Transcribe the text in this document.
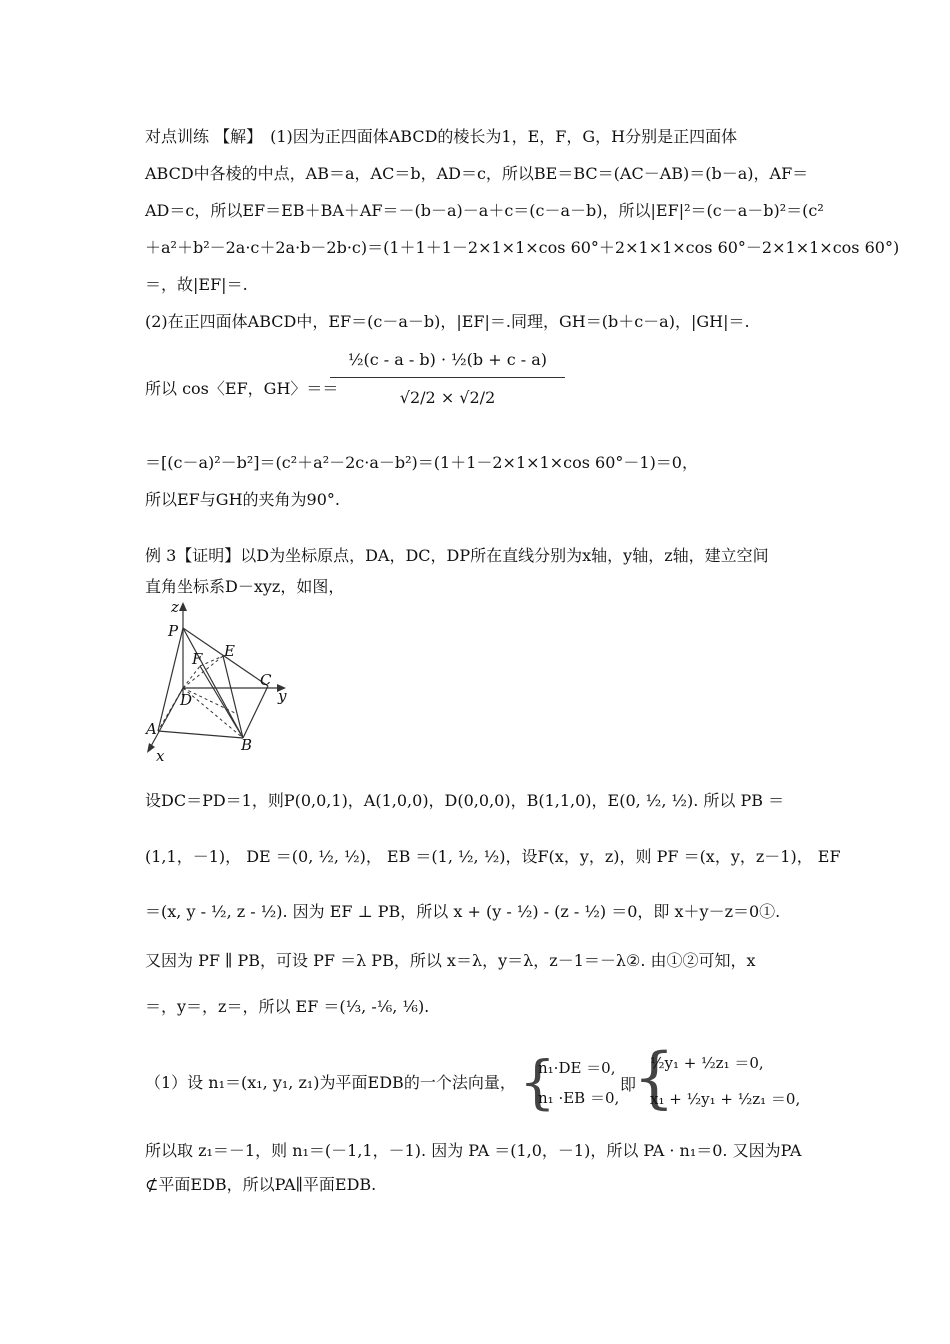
对点训练 【解】　(1)因为正四面体ABCD的棱长为1，E，F，G，H分别是正四面体
ABCD中各棱的中点，AB＝a，AC＝b，AD＝c，所以BE＝BC＝(AC－AB)＝(b－a)，AF＝
AD＝c，所以EF＝EB＋BA＋AF＝－(b－a)－a＋c＝(c－a－b)，所以|EF|²＝(c－a－b)²＝(c²
＋a²＋b²－2a·c＋2a·b－2b·c)＝(1＋1＋1－2×1×1×cos 60°＋2×1×1×cos 60°－2×1×1×cos 60°)
＝，故|EF|＝.
(2)在正四面体ABCD中，EF＝(c－a－b)，|EF|＝.同理，GH＝(b＋c－a)，|GH|＝.
所以 cos〈EF，GH〉＝＝
$\frac{\text{½(c - a - b) · ½(b + c - a)}}{√2/2 \times √2/2}$
＝[(c－a)²－b²]＝(c²＋a²－2c·a－b²)＝(1＋1－2×1×1×cos 60°－1)＝0，
所以EF与GH的夹角为90°.
例 3【证明】以D为坐标原点，DA，DC，DP所在直线分别为x轴，y轴，z轴，建立空间
直角坐标系D－xyz，如图，
z
P
E
F
C
y
D
A
B
x
设DC＝PD＝1，则P(0,0,1)，A(1,0,0)，D(0,0,0)，B(1,1,0)，E(0, ½, ½). 所以 PB ＝
(1,1，－1)， DE ＝(0, ½, ½)， EB ＝(1, ½, ½)，设F(x，y，z)，则 PF ＝(x，y，z－1)， EF
＝(x, y - ½, z - ½). 因为 EF ⊥ PB，所以 x + (y - ½) - (z - ½) ＝0，即 x＋y－z＝0①.
又因为 PF ∥ PB，可设 PF ＝λ PB，所以 x＝λ，y＝λ，z－1＝－λ②. 由①②可知，x
＝，y＝，z＝，所以 EF ＝(⅓, -⅙, ⅙).
（1）设 n₁＝(x₁, y₁, z₁)为平面EDB的一个法向量， {
n₁·DE ＝0,
n₁ ·EB ＝0,
即
{
½y₁ + ½z₁ ＝0,
x₁ + ½y₁ + ½z₁ ＝0,
所以取 z₁＝－1，则 n₁＝(－1,1，－1). 因为 PA ＝(1,0，－1)，所以 PA · n₁＝0. 又因为PA
⊄平面EDB，所以PA∥平面EDB.
